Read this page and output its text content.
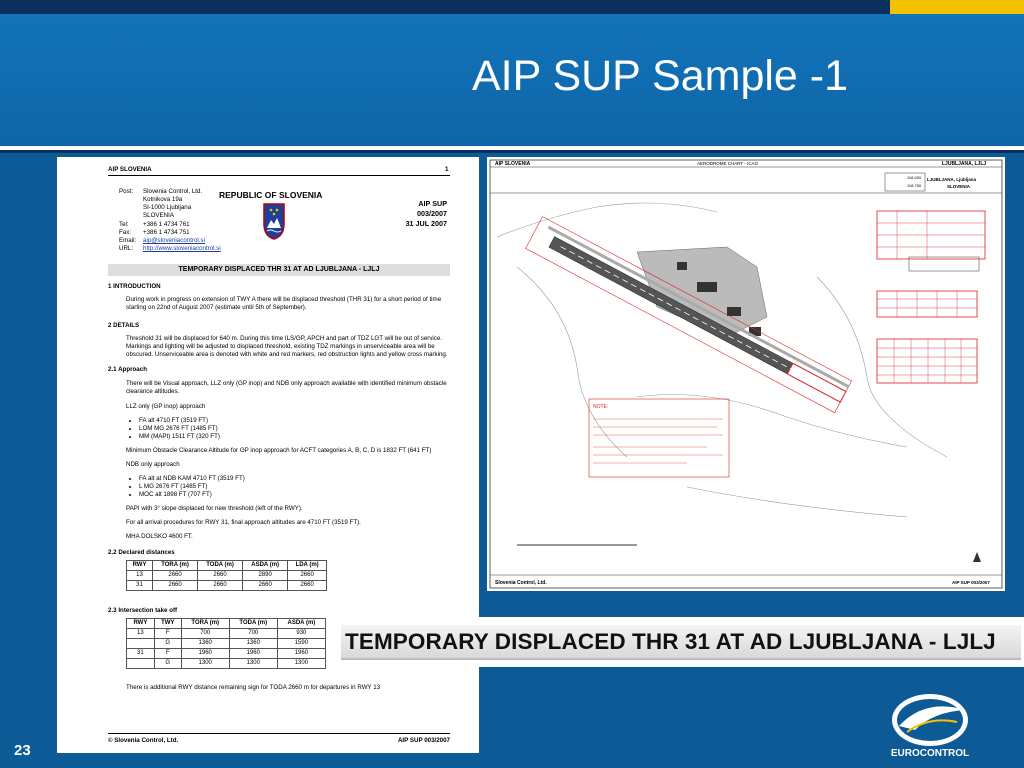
AIP SUP Sample -1
AIP SLOVENIA	1
Post: Slovenia Control, Ltd.
Kotnikova 19a
SI-1000 Ljubljana
SLOVENIA
Tel: +386 1 4734 761
Fax: +386 1 4734 751
Email: aip@sloveniacontrol.si
URL: http://www.sloveniacontrol.si
REPUBLIC OF SLOVENIA
AIP SUP
003/2007
31 JUL 2007
TEMPORARY DISPLACED THR 31 AT AD LJUBLJANA - LJLJ
1 INTRODUCTION
During work in progress on extension of TWY A there will be displaced threshold (THR 31) for a short period of time starting on 22nd of August 2007 (estimate until 5th of September).
2 DETAILS
Threshold 31 will be displaced for 640 m. During this time ILS/GP, APCH and part of TDZ LGT will be out of service. Markings and lighting will be adjusted to displaced threshold, existing TDZ markings in unserviceable area will be obscured. Unserviceable area is denoted with white and red markers, red obstruction lights and yellow cross marking.
2.1 Approach
There will be Visual approach, LLZ only (GP inop) and NDB only approach available with identified minimum obstacle clearance altitudes.
LLZ only (GP inop) approach
• FA alt 4710 FT (3519 FT)
• LOM MG 2676 FT (1485 FT)
• MM (MAPt) 1511 FT (320 FT)
Minimum Obstacle Clearance Altitude for GP inop approach for ACFT categories A, B, C, D is 1832 FT (641 FT)
NDB only approach
• FA alt at NDB KAM 4710 FT (3519 FT)
• L MG 2676 FT (1485 FT)
• MOC alt 1898 FT (707 FT)
PAPI with 3° slope displaced for new threshold (left of the RWY).
For all arrival procedures for RWY 31, final approach altitudes are 4710 FT (3519 FT).
MHA DOLSKO 4600 FT.
2.2 Declared distances
RWY	TORA (m)	TODA (m)	ASDA (m)	LDA (m)
13	2660	2660	2890	2660
31	2660	2660	2660	2660
2.3 Intersection take off
RWY	TWY	TORA (m)	TODA (m)	ASDA (m)
13	F	700	700	930
	G	1360	1360	1590
31	F	1960	1960	1960
	G	1300	1300	1300
There is additional RWY distance remaining sign for TODA 2660 m for departures in RWY 13
© Slovenia Control, Ltd.	AIP SUP 003/2007
NOTE:
AIP SLOVENIA	AERODROME CHART - ICAO	LJUBLJANA, LJLJ
LJUBLJANA, Ljubljana
SLOVENIA
118.000
118.750
Slovenia Control, Ltd.	AIP SUP 003/2007
TEMPORARY DISPLACED THR 31 AT AD LJUBLJANA - LJLJ
EUROCONTROL
23
